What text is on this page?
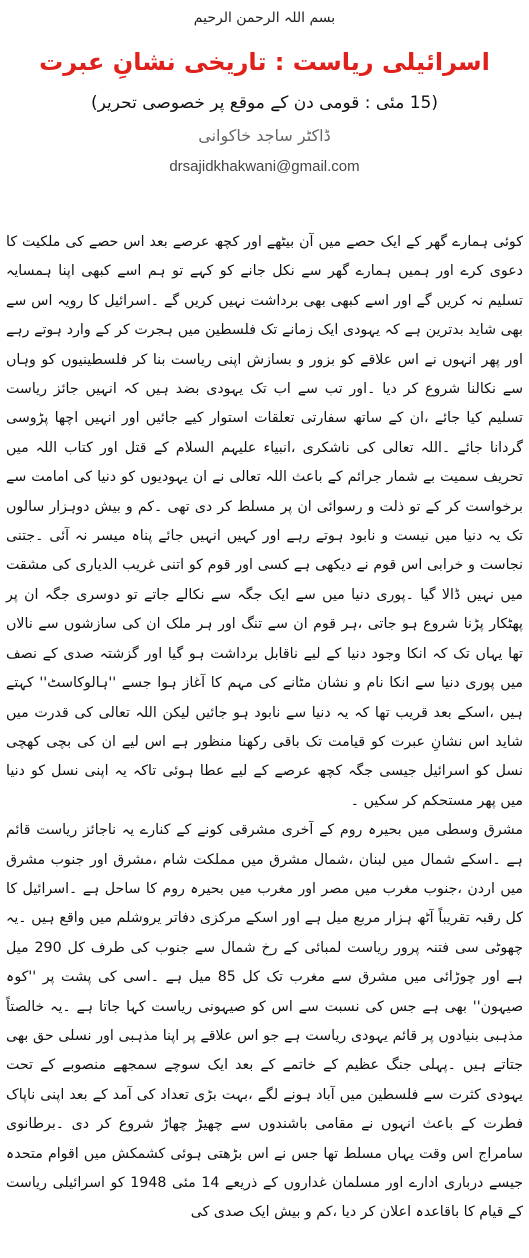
بسم اللہ الرحمن الرحیم
اسرائیلی ریاست : تاریخی نشانِ عبرت
(15 مئی : قومی دن کے موقع پر خصوصی تحریر)
ڈاکٹر ساجد خاکوانی
drsajidkhakwani@gmail.com

کوئی ہمارے گھر کے ایک حصے میں آن بیٹھے اور کچھ عرصے بعد اس حصے کی ملکیت کا دعوی کرے اور ہمیں ہمارے گھر سے نکل جانے کو کہے تو ہم اسے کبھی اپنا ہمسایہ تسلیم نہ کریں گے اور اسے کبھی بھی برداشت نہیں کریں گے ۔اسرائیل کا رویہ اس سے بھی شاید بدترین ہے کہ یہودی ایک زمانے تک فلسطین میں ہجرت کر کے وارد ہوتے رہے اور پھر انہوں نے اس علاقے کو بزور و بسازش اپنی ریاست بنا کر فلسطینیوں کو وہاں سے نکالنا شروع کر دیا ۔اور تب سے اب تک یہودی بضد ہیں کہ انہیں جائز ریاست تسلیم کیا جائے ،ان کے ساتھ سفارتی تعلقات استوار کیے جائیں اور انہیں اچھا پڑوسی گردانا جائے ۔اللہ تعالی کی ناشکری ،انبیاء علیہم السلام کے قتل اور کتاب اللہ میں تحریف سمیت بے شمار جرائم کے باعث اللہ تعالی نے ان یہودیوں کو دنیا کی امامت سے برخواست کر کے تو ذلت و رسوائی ان پر مسلط کر دی تھی ۔کم و بیش دوہزار سالوں تک یہ دنیا میں نیست و نابود ہوتے رہے اور کہیں انہیں جائے پناہ میسر نہ آئی ۔جتنی نجاست و خرابی اس قوم نے دیکھی ہے کسی اور قوم کو اتنی غریب الدیاری کی مشقت میں نہیں ڈالا گیا ۔پوری دنیا میں سے ایک جگہ سے نکالے جاتے تو دوسری جگہ ان پر پھٹکار پڑنا شروع ہو جاتی ،ہر قوم ان سے تنگ اور ہر ملک ان کی سازشوں سے نالاں تھا یہاں تک کہ انکا وجود دنیا کے لیے ناقابل برداشت ہو گیا اور گزشتہ صدی کے نصف میں پوری دنیا سے انکا نام و نشان مٹانے کی مہم کا آغاز ہوا جسے ''ہالوکاسٹ'' کہتے ہیں ،اسکے بعد قریب تھا کہ یہ دنیا سے نابود ہو جائیں لیکن اللہ تعالی کی قدرت میں شاید اس نشانِ عبرت کو قیامت تک باقی رکھنا منظور ہے اس لیے ان کی بچی کھچی نسل کو اسرائیل جیسی جگہ کچھ عرصے کے لیے عطا ہوئی تاکہ یہ اپنی نسل کو دنیا میں پھر مستحکم کر سکیں ۔

مشرق وسطی میں بحیرہ روم کے آخری مشرقی کونے کے کنارے یہ ناجائز ریاست قائم ہے ۔اسکے شمال میں لبنان ،شمال مشرق میں مملکت شام ،مشرق اور جنوب مشرق میں اردن ،جنوب مغرب میں مصر اور مغرب میں بحیرہ روم کا ساحل ہے ۔اسرائیل کا کل رقبہ تقریباً آٹھ ہزار مربع میل ہے اور اسکے مرکزی دفاتر یروشلم میں واقع ہیں ۔یہ چھوٹی سی فتنہ پرور ریاست لمبائی کے رخ شمال سے جنوب کی طرف کل 290 میل ہے اور چوڑائی میں مشرق سے مغرب تک کل 85 میل ہے ۔اسی کی پشت پر ''کوہ صیہون'' بھی ہے جس کی نسبت سے اس کو صیہونی ریاست کہا جاتا ہے ۔یہ خالصتاً مذہبی بنیادوں پر قائم یہودی ریاست ہے جو اس علاقے پر اپنا مذہبی اور نسلی حق بھی جتاتے ہیں ۔پہلی جنگ عظیم کے خاتمے کے بعد ایک سوچے سمجھے منصوبے کے تحت یہودی کثرت سے فلسطین میں آباد ہونے لگے ،بہت بڑی تعداد کی آمد کے بعد اپنی ناپاک فطرت کے باعث انہوں نے مقامی باشندوں سے چھیڑ چھاڑ شروع کر دی ۔برطانوی سامراج اس وقت یہاں مسلط تھا جس نے اس بڑھتی ہوئی کشمکش میں اقوام متحدہ جیسے درباری ادارے اور مسلمان غداروں کے ذریعے 14 مئی 1948 کو اسرائیلی ریاست کے قیام کا باقاعدہ اعلان کر دیا ،کم و بیش ایک صدی کی
